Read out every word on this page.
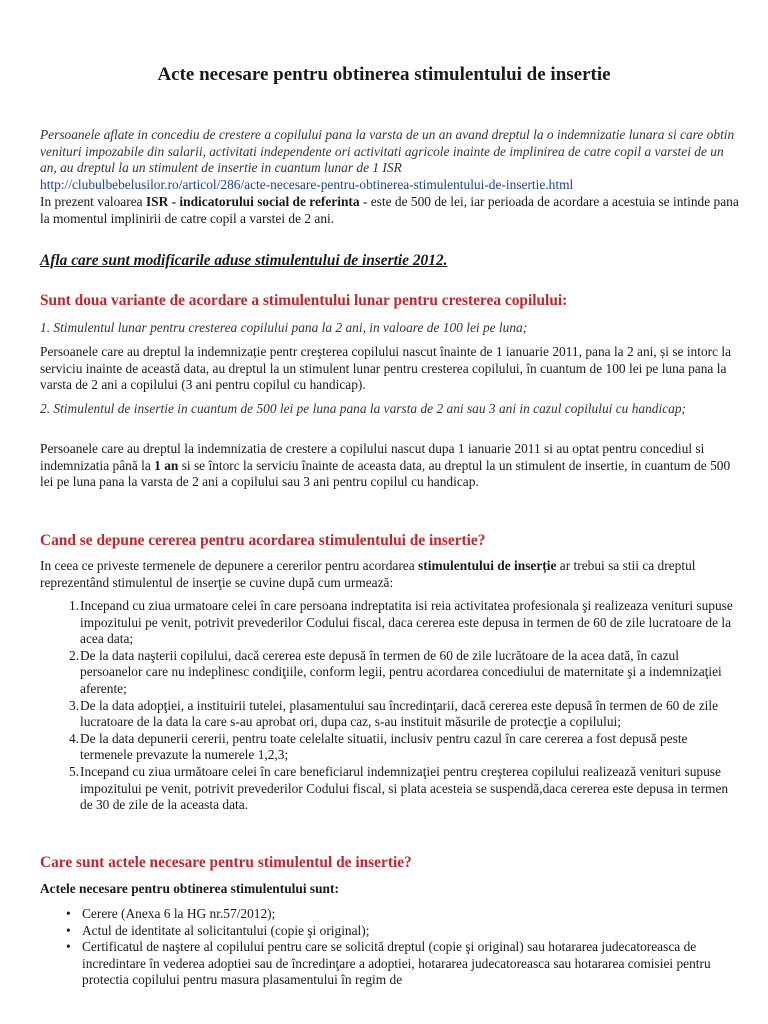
Acte necesare pentru obtinerea stimulentului de insertie

Persoanele aflate in concediu de crestere a copilului pana la varsta de un an avand dreptul la o indemnizatie lunara si care obtin venituri impozabile din salarii, activitati independente ori activitati agricole inainte de implinirea de catre copil a varstei de un an, au dreptul la un stimulent de insertie in cuantum lunar de 1 ISR

http://clubulbebelusilor.ro/articol/286/acte-necesare-pentru-obtinerea-stimulentului-de-insertie.html

In prezent valoarea ISR - indicatorului social de referinta - este de 500 de lei, iar perioada de acordare a acestuia se intinde pana la momentul implinirii de catre copil a varstei de 2 ani.

Afla care sunt modificarile aduse stimulentului de insertie 2012.

Sunt doua variante de acordare a stimulentului lunar pentru cresterea copilului:

1. Stimulentul lunar pentru cresterea copilului pana la 2 ani, in valoare de 100 lei pe luna;

Persoanele care au dreptul la indemnizație pentr creşterea copilului nascut înainte de 1 ianuarie 2011, pana la 2 ani, și se intorc la serviciu inainte de această data, au dreptul la un stimulent lunar pentru cresterea copilului, în cuantum de 100 lei pe luna pana la varsta de 2 ani a copilului (3 ani pentru copilul cu handicap).

2. Stimulentul de insertie in cuantum de 500 lei pe luna pana la varsta de 2 ani sau 3 ani in cazul copilului cu handicap;

Persoanele care au dreptul la indemnizatia de crestere a copilului nascut dupa 1 ianuarie 2011 si au optat pentru concediul si indemnizatia până la 1 an si se întorc la serviciu înainte de aceasta data, au dreptul la un stimulent de insertie, in cuantum de 500 lei pe luna pana la varsta de 2 ani a copilului sau 3 ani pentru copilul cu handicap.

Cand se depune cererea pentru acordarea stimulentului de insertie?

In ceea ce priveste termenele de depunere a cererilor pentru acordarea stimulentului de inserție ar trebui sa stii ca dreptul reprezentând stimulentul de inserţie se cuvine după cum urmează:

1. Incepand cu ziua urmatoare celei în care persoana indreptatita isi reia activitatea profesionala şi realizeaza venituri supuse impozitului pe venit, potrivit prevederilor Codului fiscal, daca cererea este depusa in termen de 60 de zile lucratoare de la acea data;
2. De la data naşterii copilului, dacă cererea este depusă în termen de 60 de zile lucrătoare de la acea dată, în cazul persoanelor care nu indeplinesc condiţiile, conform legii, pentru acordarea concediului de maternitate şi a indemnizaţiei aferente;
3. De la data adopţiei, a instituirii tutelei, plasamentului sau încredinţarii, dacă cererea este depusă în termen de 60 de zile lucratoare de la data la care s-au aprobat ori, dupa caz, s-au instituit măsurile de protecţie a copilului;
4. De la data depunerii cererii, pentru toate celelalte situatii, inclusiv pentru cazul în care cererea a fost depusă peste termenele prevazute la numerele 1,2,3;
5. Incepand cu ziua următoare celei în care beneficiarul indemnizaţiei pentru creşterea copilului realizează venituri supuse impozitului pe venit, potrivit prevederilor Codului fiscal, si plata acesteia se suspendă,daca cererea este depusa in termen de 30 de zile de la aceasta data.

Care sunt actele necesare pentru stimulentul de insertie?

Actele necesare pentru obtinerea stimulentului sunt:

• Cerere (Anexa 6 la HG nr.57/2012);
• Actul de identitate al solicitantului (copie şi original);
• Certificatul de naştere al copilului pentru care se solicită dreptul (copie şi original) sau hotararea judecatoreasca de incredintare în vederea adoptiei sau de încredinţare a adoptiei, hotararea judecatoreasca sau hotararea comisiei pentru protectia copilului pentru masura plasamentului în regim de
